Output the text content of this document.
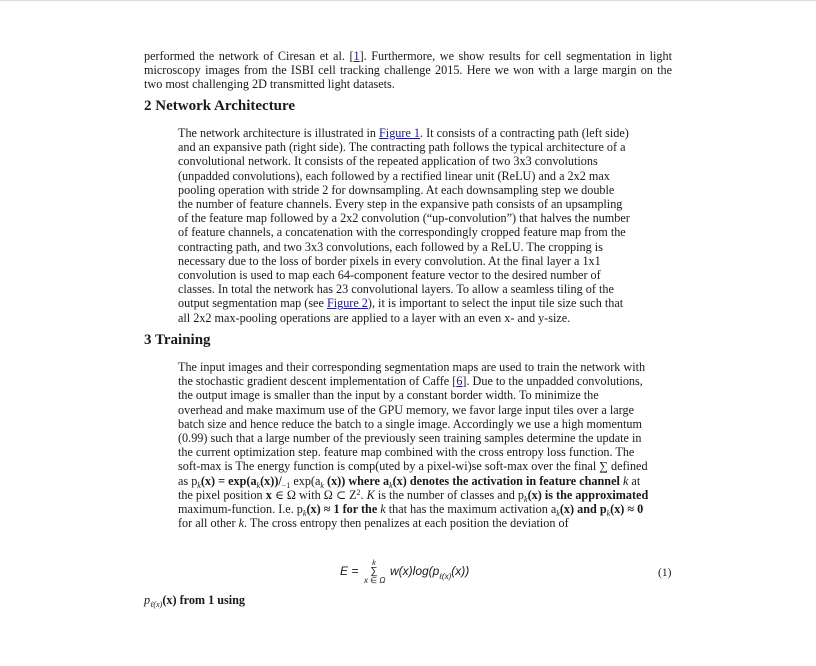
performed the network of Ciresan et al. [1]. Furthermore, we show results for cell segmentation in light microscopy images from the ISBI cell tracking challenge 2015. Here we won with a large margin on the two most challenging 2D transmitted light datasets.

2 Network Architecture

The network architecture is illustrated in Figure 1. It consists of a contracting path (left side) and an expansive path (right side). The contracting path follows the typical architecture of a convolutional network. It consists of the repeated application of two 3x3 convolutions (unpadded convolutions), each followed by a rectified linear unit (ReLU) and a 2x2 max pooling operation with stride 2 for downsampling. At each downsampling step we double the number of feature channels. Every step in the expansive path consists of an upsampling of the feature map followed by a 2x2 convolution (“up-convolution”) that halves the number of feature channels, a concatenation with the correspondingly cropped feature map from the contracting path, and two 3x3 convolutions, each followed by a ReLU. The cropping is necessary due to the loss of border pixels in every convolution. At the final layer a 1x1 convolution is used to map each 64-component feature vector to the desired number of classes. In total the network has 23 convolutional layers. To allow a seamless tiling of the output segmentation map (see Figure 2), it is important to select the input tile size such that all 2x2 max-pooling operations are applied to a layer with an even x- and y-size.

3 Training
The input images and their corresponding segmentation maps are used to train the network with
the stochastic gradient descent implementation of Caffe [6]. Due to the unpadded convolutions,
the output image is smaller than the input by a constant border width. To minimize the
overhead and make maximum use of the GPU memory, we favor large input tiles over a large
batch size and hence reduce the batch to a single image. Accordingly we use a high momentum
(0.99) such that a large number of the previously seen training samples determine the update in
the current optimization step. feature map combined with the cross entropy loss function. The
soft-max is The energy function is comp(uted by a pixel-wi)se soft-max over the final ∑ defined
as $p_k(x) = \exp(a_k(x))/_{-1}$ $\exp(a_k$ (x)) where $a_k(x)$ denotes the activation in feature channel k at
the pixel position x ∈ Ω with Ω ⊂ $Z^2$. K is the number of classes and $p_k(x)$ is the approximated
maximum-function. I.e. $p_k(x) \approx 1$ for the k that has the maximum activation $a_k(x)$ and $p_k(x) \approx 0$
for all other k. The cross entropy then penalizes at each position the deviation of
E =
k
∑
x ∈ Ω
$w(x)\log(p_{\ell(x)}(x))$	(1)

$p_{\ell(x)}(x)$ from 1 using
